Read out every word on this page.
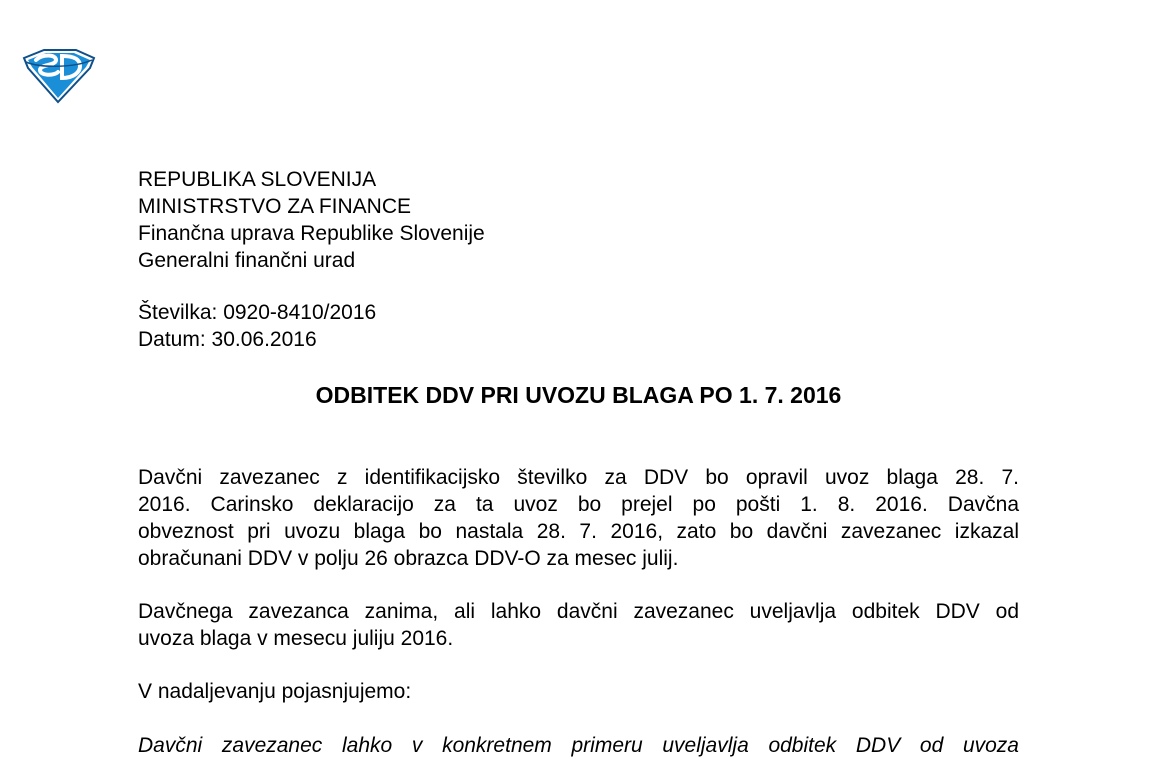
REPUBLIKA SLOVENIJA
MINISTRSTVO ZA FINANCE
Finančna uprava Republike Slovenije
Generalni finančni urad
Številka: 0920-8410/2016
Datum: 30.06.2016
ODBITEK DDV PRI UVOZU BLAGA PO 1. 7. 2016

Davčni zavezanec z identifikacijsko številko za DDV bo opravil uvoz blaga 28. 7.
2016. Carinsko deklaracijo za ta uvoz bo prejel po pošti 1. 8. 2016. Davčna
obveznost pri uvozu blaga bo nastala 28. 7. 2016, zato bo davčni zavezanec izkazal
obračunani DDV v polju 26 obrazca DDV-O za mesec julij.

Davčnega zavezanca zanima, ali lahko davčni zavezanec uveljavlja odbitek DDV od
uvoza blaga v mesecu juliju 2016.

V nadaljevanju pojasnjujemo:

Davčni zavezanec lahko v konkretnem primeru uveljavlja odbitek DDV od uvoza
